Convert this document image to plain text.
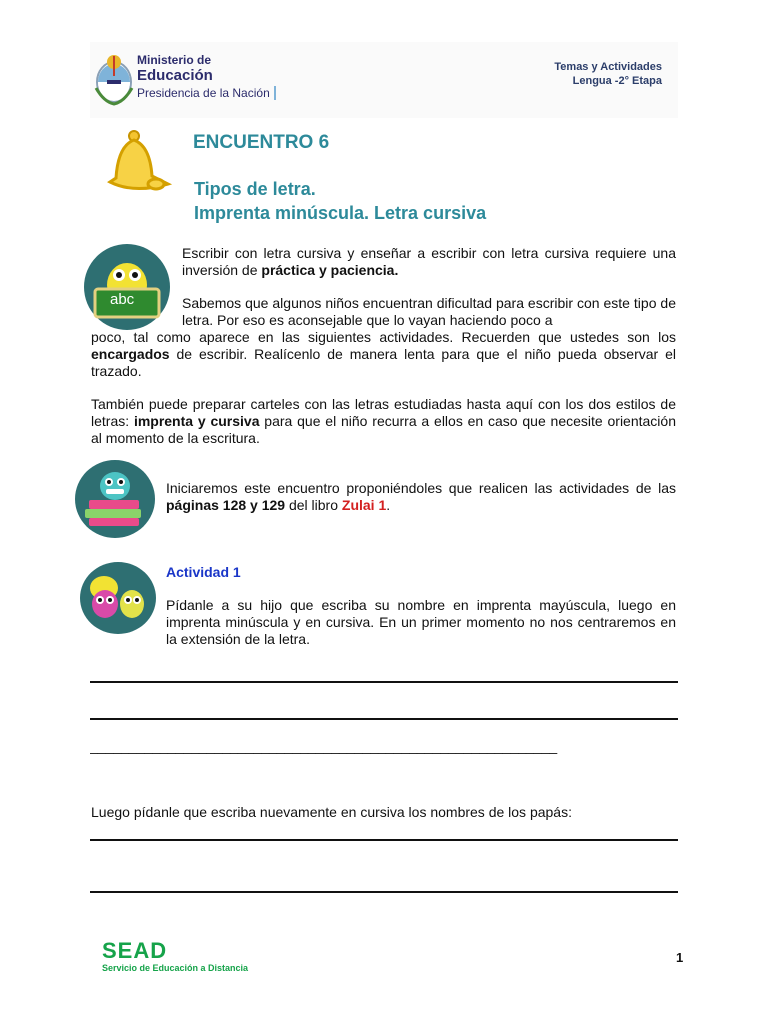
Ministerio de
Educación
Presidencia de la Nación
Temas y Actividades
Lengua -2° Etapa
ENCUENTRO 6
Tipos de letra.
Imprenta minúscula. Letra cursiva
abc
Escribir con letra cursiva y enseñar a escribir con letra cursiva requiere una inversión de práctica y paciencia.
Sabemos que algunos niños encuentran dificultad para escribir con este tipo de letra. Por eso es aconsejable que lo vayan haciendo poco a
poco, tal como aparece en las siguientes actividades. Recuerden que ustedes son los encargados de escribir. Realícenlo de manera lenta para que el niño pueda observar el trazado.
También puede preparar carteles con las letras estudiadas hasta aquí con los dos estilos de letras: imprenta y cursiva para que el niño recurra a ellos en caso que necesite orientación al momento de la escritura.
Iniciaremos este encuentro proponiéndoles que realicen las actividades de las páginas 128 y 129 del libro Zulai 1.
Actividad 1
Pídanle a su hijo que escriba su nombre en imprenta mayúscula, luego en imprenta minúscula y en cursiva. En un primer momento no nos centraremos en la extensión de la letra.
____________________________________________________________
Luego pídanle que escriba nuevamente en cursiva los nombres de los papás:
SEAD
Servicio de Educación a Distancia
1
